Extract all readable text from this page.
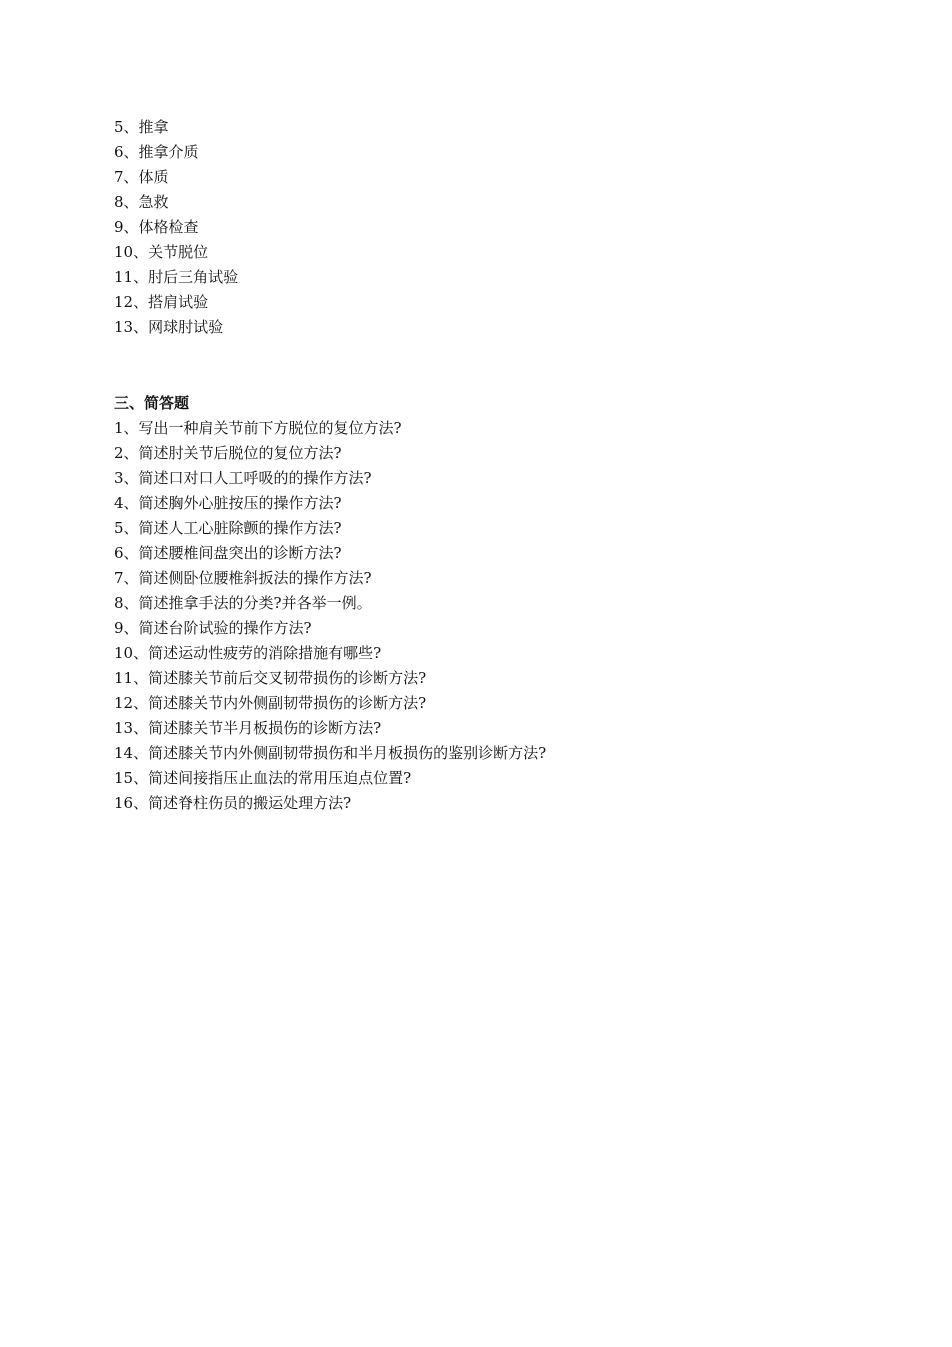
5、推拿
6、推拿介质
7、体质
8、急救
9、体格检查
10、关节脱位
11、肘后三角试验
12、搭肩试验
13、网球肘试验
三、简答题
1、写出一种肩关节前下方脱位的复位方法?
2、简述肘关节后脱位的复位方法?
3、简述口对口人工呼吸的的操作方法?
4、简述胸外心脏按压的操作方法?
5、简述人工心脏除颤的操作方法?
6、简述腰椎间盘突出的诊断方法?
7、简述侧卧位腰椎斜扳法的操作方法?
8、简述推拿手法的分类?并各举一例。
9、简述台阶试验的操作方法?
10、简述运动性疲劳的消除措施有哪些?
11、简述膝关节前后交叉韧带损伤的诊断方法?
12、简述膝关节内外侧副韧带损伤的诊断方法?
13、简述膝关节半月板损伤的诊断方法?
14、简述膝关节内外侧副韧带损伤和半月板损伤的鉴别诊断方法?
15、简述间接指压止血法的常用压迫点位置?
16、简述脊柱伤员的搬运处理方法?
